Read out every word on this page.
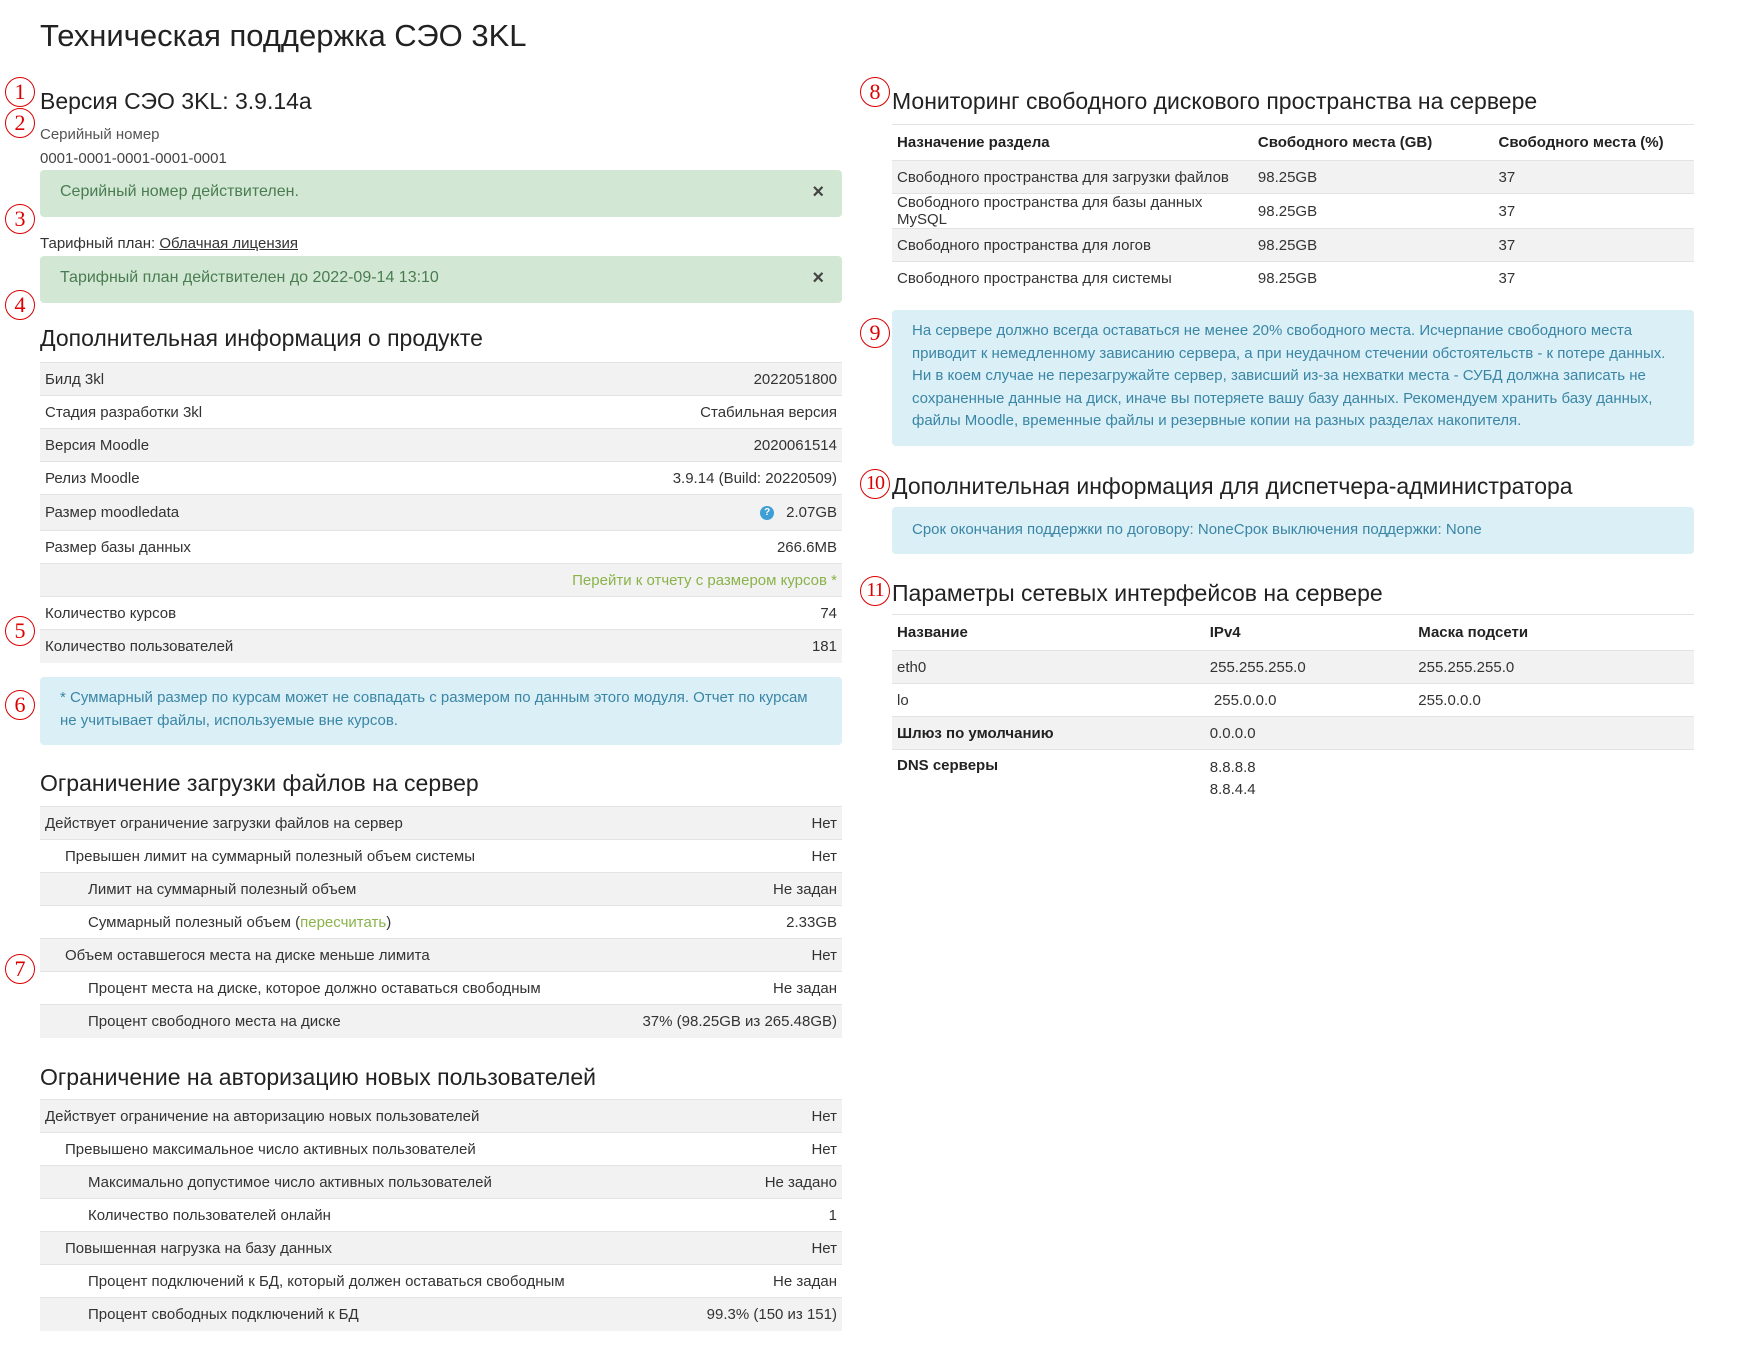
Техническая поддержка СЭО 3KL
1
2
3
4
5
6
7
8
9
10
11
Версия СЭО 3KL: 3.9.14a
Серийный номер
0001-0001-0001-0001-0001
Серийный номер действителен.	×
Тарифный план: Облачная лицензия
Тарифный план действителен до 2022-09-14 13:10	×
Дополнительная информация о продукте
Билд 3kl	2022051800
Стадия разработки 3kl	Стабильная версия
Версия Moodle	2020061514
Релиз Moodle	3.9.14 (Build: 20220509)
Размер moodledata	? 2.07GB
Размер базы данных	266.6MB
	Перейти к отчету с размером курсов *
Количество курсов	74
Количество пользователей	181
* Суммарный размер по курсам может не совпадать с размером по данным этого модуля. Отчет по курсам не учитывает файлы, используемые вне курсов.
Ограничение загрузки файлов на сервер
Действует ограничение загрузки файлов на сервер	Нет
Превышен лимит на суммарный полезный объем системы	Нет
Лимит на суммарный полезный объем	Не задан
Суммарный полезный объем (пересчитать)	2.33GB
Объем оставшегося места на диске меньше лимита	Нет
Процент места на диске, которое должно оставаться свободным	Не задан
Процент свободного места на диске	37% (98.25GB из 265.48GB)
Ограничение на авторизацию новых пользователей
Действует ограничение на авторизацию новых пользователей	Нет
Превышено максимальное число активных пользователей	Нет
Максимально допустимое число активных пользователей	Не задано
Количество пользователей онлайн	1
Повышенная нагрузка на базу данных	Нет
Процент подключений к БД, который должен оставаться свободным	Не задан
Процент свободных подключений к БД	99.3% (150 из 151)
Мониторинг свободного дискового пространства на сервере
Назначение раздела	Свободного места (GB)	Свободного места (%)
Свободного пространства для загрузки файлов	98.25GB	37
Свободного пространства для базы данных MySQL	98.25GB	37
Свободного пространства для логов	98.25GB	37
Свободного пространства для системы	98.25GB	37
На сервере должно всегда оставаться не менее 20% свободного места. Исчерпание свободного места приводит к немедленному зависанию сервера, а при неудачном стечении обстоятельств - к потере данных. Ни в коем случае не перезагружайте сервер, зависший из-за нехватки места - СУБД должна записать не сохраненные данные на диск, иначе вы потеряете вашу базу данных. Рекомендуем хранить базу данных, файлы Moodle, временные файлы и резервные копии на разных разделах накопителя.
Дополнительная информация для диспетчера-администратора
Срок окончания поддержки по договору: NoneСрок выключения поддержки: None
Параметры сетевых интерфейсов на сервере
Название	IPv4	Маска подсети
eth0	255.255.255.0	255.255.255.0
lo	255.0.0.0	255.0.0.0
Шлюз по умолчанию	0.0.0.0	
DNS серверы	8.8.8.8
8.8.4.4	
